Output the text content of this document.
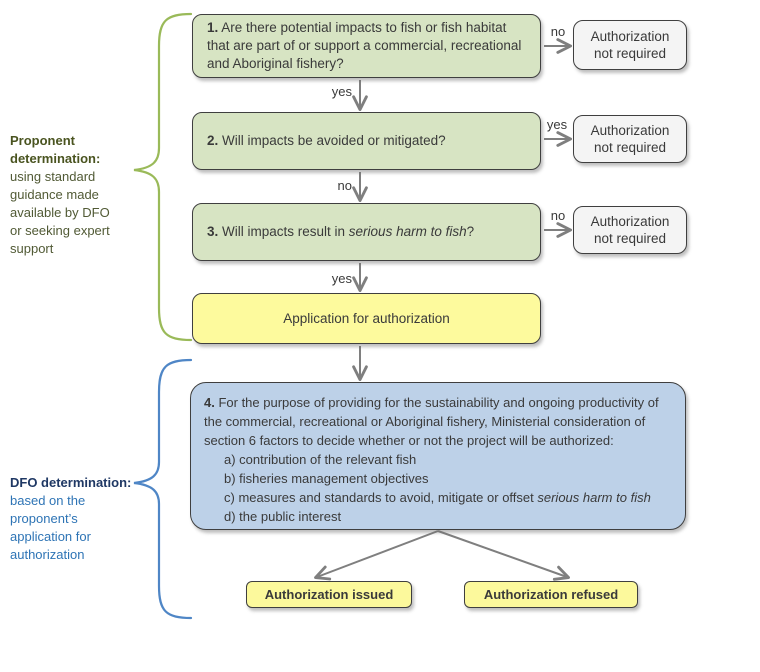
1. Are there potential impacts to fish or fish habitat that are part of or support a commercial, recreational and Aboriginal fishery?
Authorization not required
2. Will impacts be avoided or mitigated?
Authorization not required
3. Will impacts result in serious harm to fish?
Authorization not required
Application for authorization
4. For the purpose of providing for the sustainability and ongoing productivity of the commercial, recreational or Aboriginal fishery, Ministerial consideration of section 6 factors to decide whether or not the project will be authorized:
a) contribution of the relevant fish
b) fisheries management objectives
c) measures and standards to avoid, mitigate or offset serious harm to fish
d) the public interest
Authorization issued	Authorization refused
no
yes
yes
no
no
yes
Proponent determination:
using standard guidance made available by DFO or seeking expert support
DFO determination:
based on the proponent’s application for authorization
